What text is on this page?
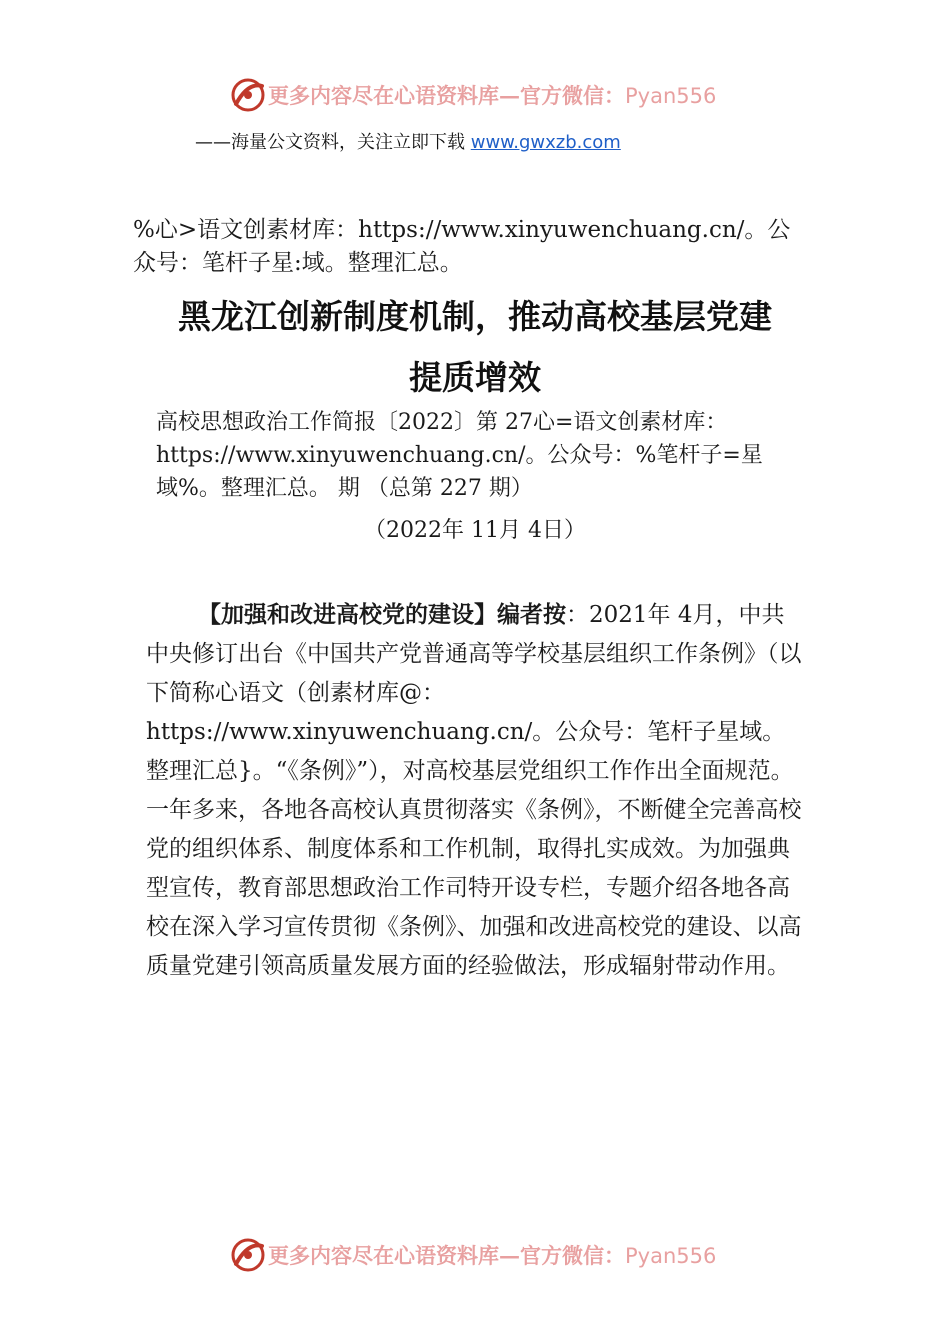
更多内容尽在心语资料库—官方微信：Pyan556
——海量公文资料，关注立即下载 www.gwxzb.com
%心>语文创素材库：https://www.xinyuwenchuang.cn/。公众号：笔杆子星:域。整理汇总。
黑龙江创新制度机制，推动高校基层党建
提质增效
高校思想政治工作简报〔2022〕第 27心=语文创素材库：https://www.xinyuwenchuang.cn/。公众号：%笔杆子=星域%。整理汇总。 期 （总第 227 期）
（2022年 11月 4日）
【加强和改进高校党的建设】编者按：2021年 4月，中共中央修订出台《中国共产党普通高等学校基层组织工作条例》（以下简称心语文（创素材库@：https://www.xinyuwenchuang.cn/。公众号：笔杆子星域。整理汇总}。“《条例》”），对高校基层党组织工作作出全面规范。一年多来，各地各高校认真贯彻落实《条例》，不断健全完善高校党的组织体系、制度体系和工作机制，取得扎实成效。为加强典型宣传，教育部思想政治工作司特开设专栏，专题介绍各地各高校在深入学习宣传贯彻《条例》、加强和改进高校党的建设、以高质量党建引领高质量发展方面的经验做法，形成辐射带动作用。
更多内容尽在心语资料库—官方微信：Pyan556
